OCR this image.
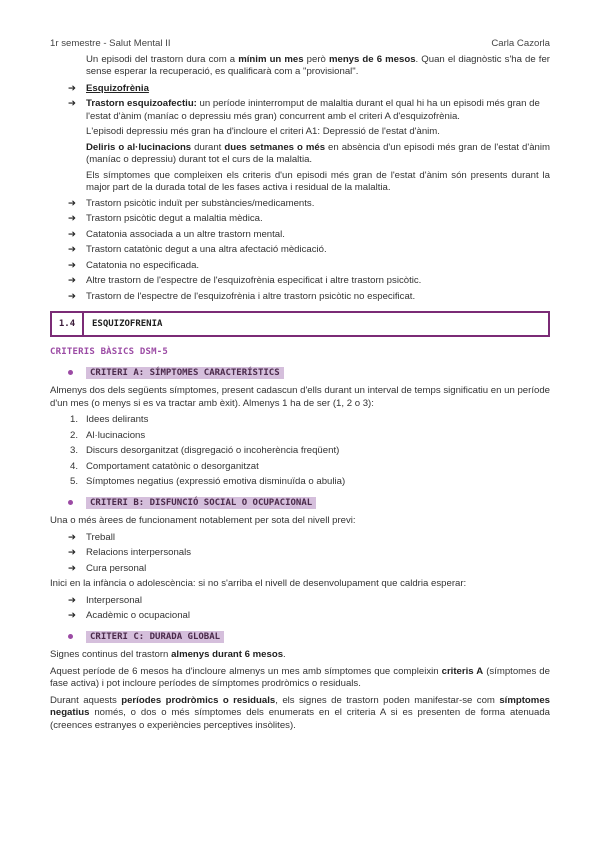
1r semestre - Salut Mental II	Carla Cazorla

Un episodi del trastorn dura com a mínim un mes però menys de 6 mesos. Quan el diagnòstic s'ha de fer sense esperar la recuperació, es qualificarà com a "provisional".

➔ Esquizofrènia
➔ Trastorn esquizoafectiu: un període ininterromput de malaltia durant el qual hi ha un episodi més gran de l'estat d'ànim (maníac o depressiu més gran) concurrent amb el criteri A d'esquizofrènia.

L'episodi depressiu més gran ha d'incloure el criteri A1: Depressió de l'estat d'ànim.

Deliris o al·lucinacions durant dues setmanes o més en absència d'un episodi més gran de l'estat d'ànim (maníac o depressiu) durant tot el curs de la malaltia.

Els símptomes que compleixen els criteris d'un episodi més gran de l'estat d'ànim són presents durant la major part de la durada total de les fases activa i residual de la malaltia.

➔ Trastorn psicòtic induït per substàncies/medicaments.
➔ Trastorn psicòtic degut a malaltia mèdica.
➔ Catatonia associada a un altre trastorn mental.
➔ Trastorn catatònic degut a una altra afectació mèdicació.
➔ Catatonia no especificada.
➔ Altre trastorn de l'espectre de l'esquizofrènia especificat i altre trastorn psicòtic.
➔ Trastorn de l'espectre de l'esquizofrènia i altre trastorn psicòtic no especificat.
1.4	ESQUIZOFRENIA
CRITERIS BÀSICS DSM-5
CRITERI A: SÍMPTOMES CARACTERÍSTICS

Almenys dos dels següents símptomes, present cadascun d'ells durant un interval de temps significatiu en un període d'un mes (o menys si es va tractar amb èxit). Almenys 1 ha de ser (1, 2 o 3):

1. Idees delirants
2. Al·lucinacions
3. Discurs desorganitzat (disgregació o incoherència freqüent)
4. Comportament catatònic o desorganitzat
5. Símptomes negatius (expressió emotiva disminuïda o abulia)
CRITERI B: DISFUNCIÓ SOCIAL O OCUPACIONAL

Una o més àrees de funcionament notablement per sota del nivell previ:

➔ Treball
➔ Relacions interpersonals
➔ Cura personal

Inici en la infància o adolescència: si no s'arriba el nivell de desenvolupament que caldria esperar:

➔ Interpersonal
➔ Acadèmic o ocupacional
CRITERI C: DURADA GLOBAL

Signes continus del trastorn almenys durant 6 mesos.

Aquest període de 6 mesos ha d'incloure almenys un mes amb símptomes que compleixin criteris A (símptomes de fase activa) i pot incloure períodes de símptomes prodròmics o residuals.

Durant aquests períodes prodròmics o residuals, els signes de trastorn poden manifestar-se com símptomes negatius només, o dos o més símptomes dels enumerats en el criteria A si es presenten de forma atenuada (creences estranyes o experiències perceptives insòlites).
